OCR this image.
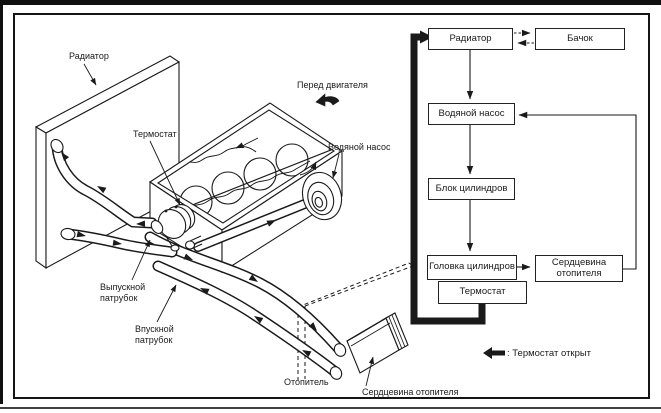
Радиатор
Термостат
Перед двигателя
Водяной насос
Выпускной
патрубок
Впускной
патрубок
Отопитель
Сердцевина отопителя
Радиатор	Бачок
Водяной насос
Блок цилиндров
Головка цилиндров	Сердцевина
отопителя
Термостат
: Термостат открыт
